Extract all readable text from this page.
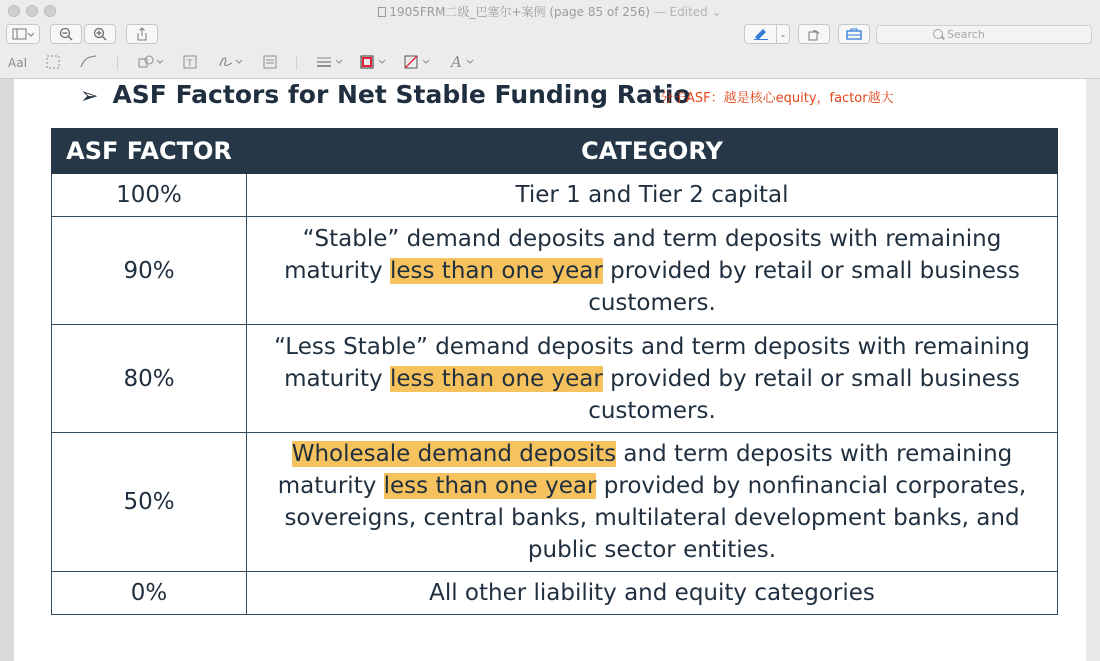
1905FRM二级_巴塞尔+案例 (page 85 of 256) — Edited ⌄
⌄	Search
AaI	T	A
➢ ASF Factors for Net Stable Funding Ratio
分子ASF：越是核心equity，factor越大
ASF FACTOR	CATEGORY
100%	Tier 1 and Tier 2 capital
90%	“Stable” demand deposits and term deposits with remaining maturity less than one year provided by retail or small business customers.
80%	“Less Stable” demand deposits and term deposits with remaining maturity less than one year provided by retail or small business customers.
50%	Wholesale demand deposits and term deposits with remaining maturity less than one year provided by nonfinancial corporates, sovereigns, central banks, multilateral development banks, and public sector entities.
0%	All other liability and equity categories
